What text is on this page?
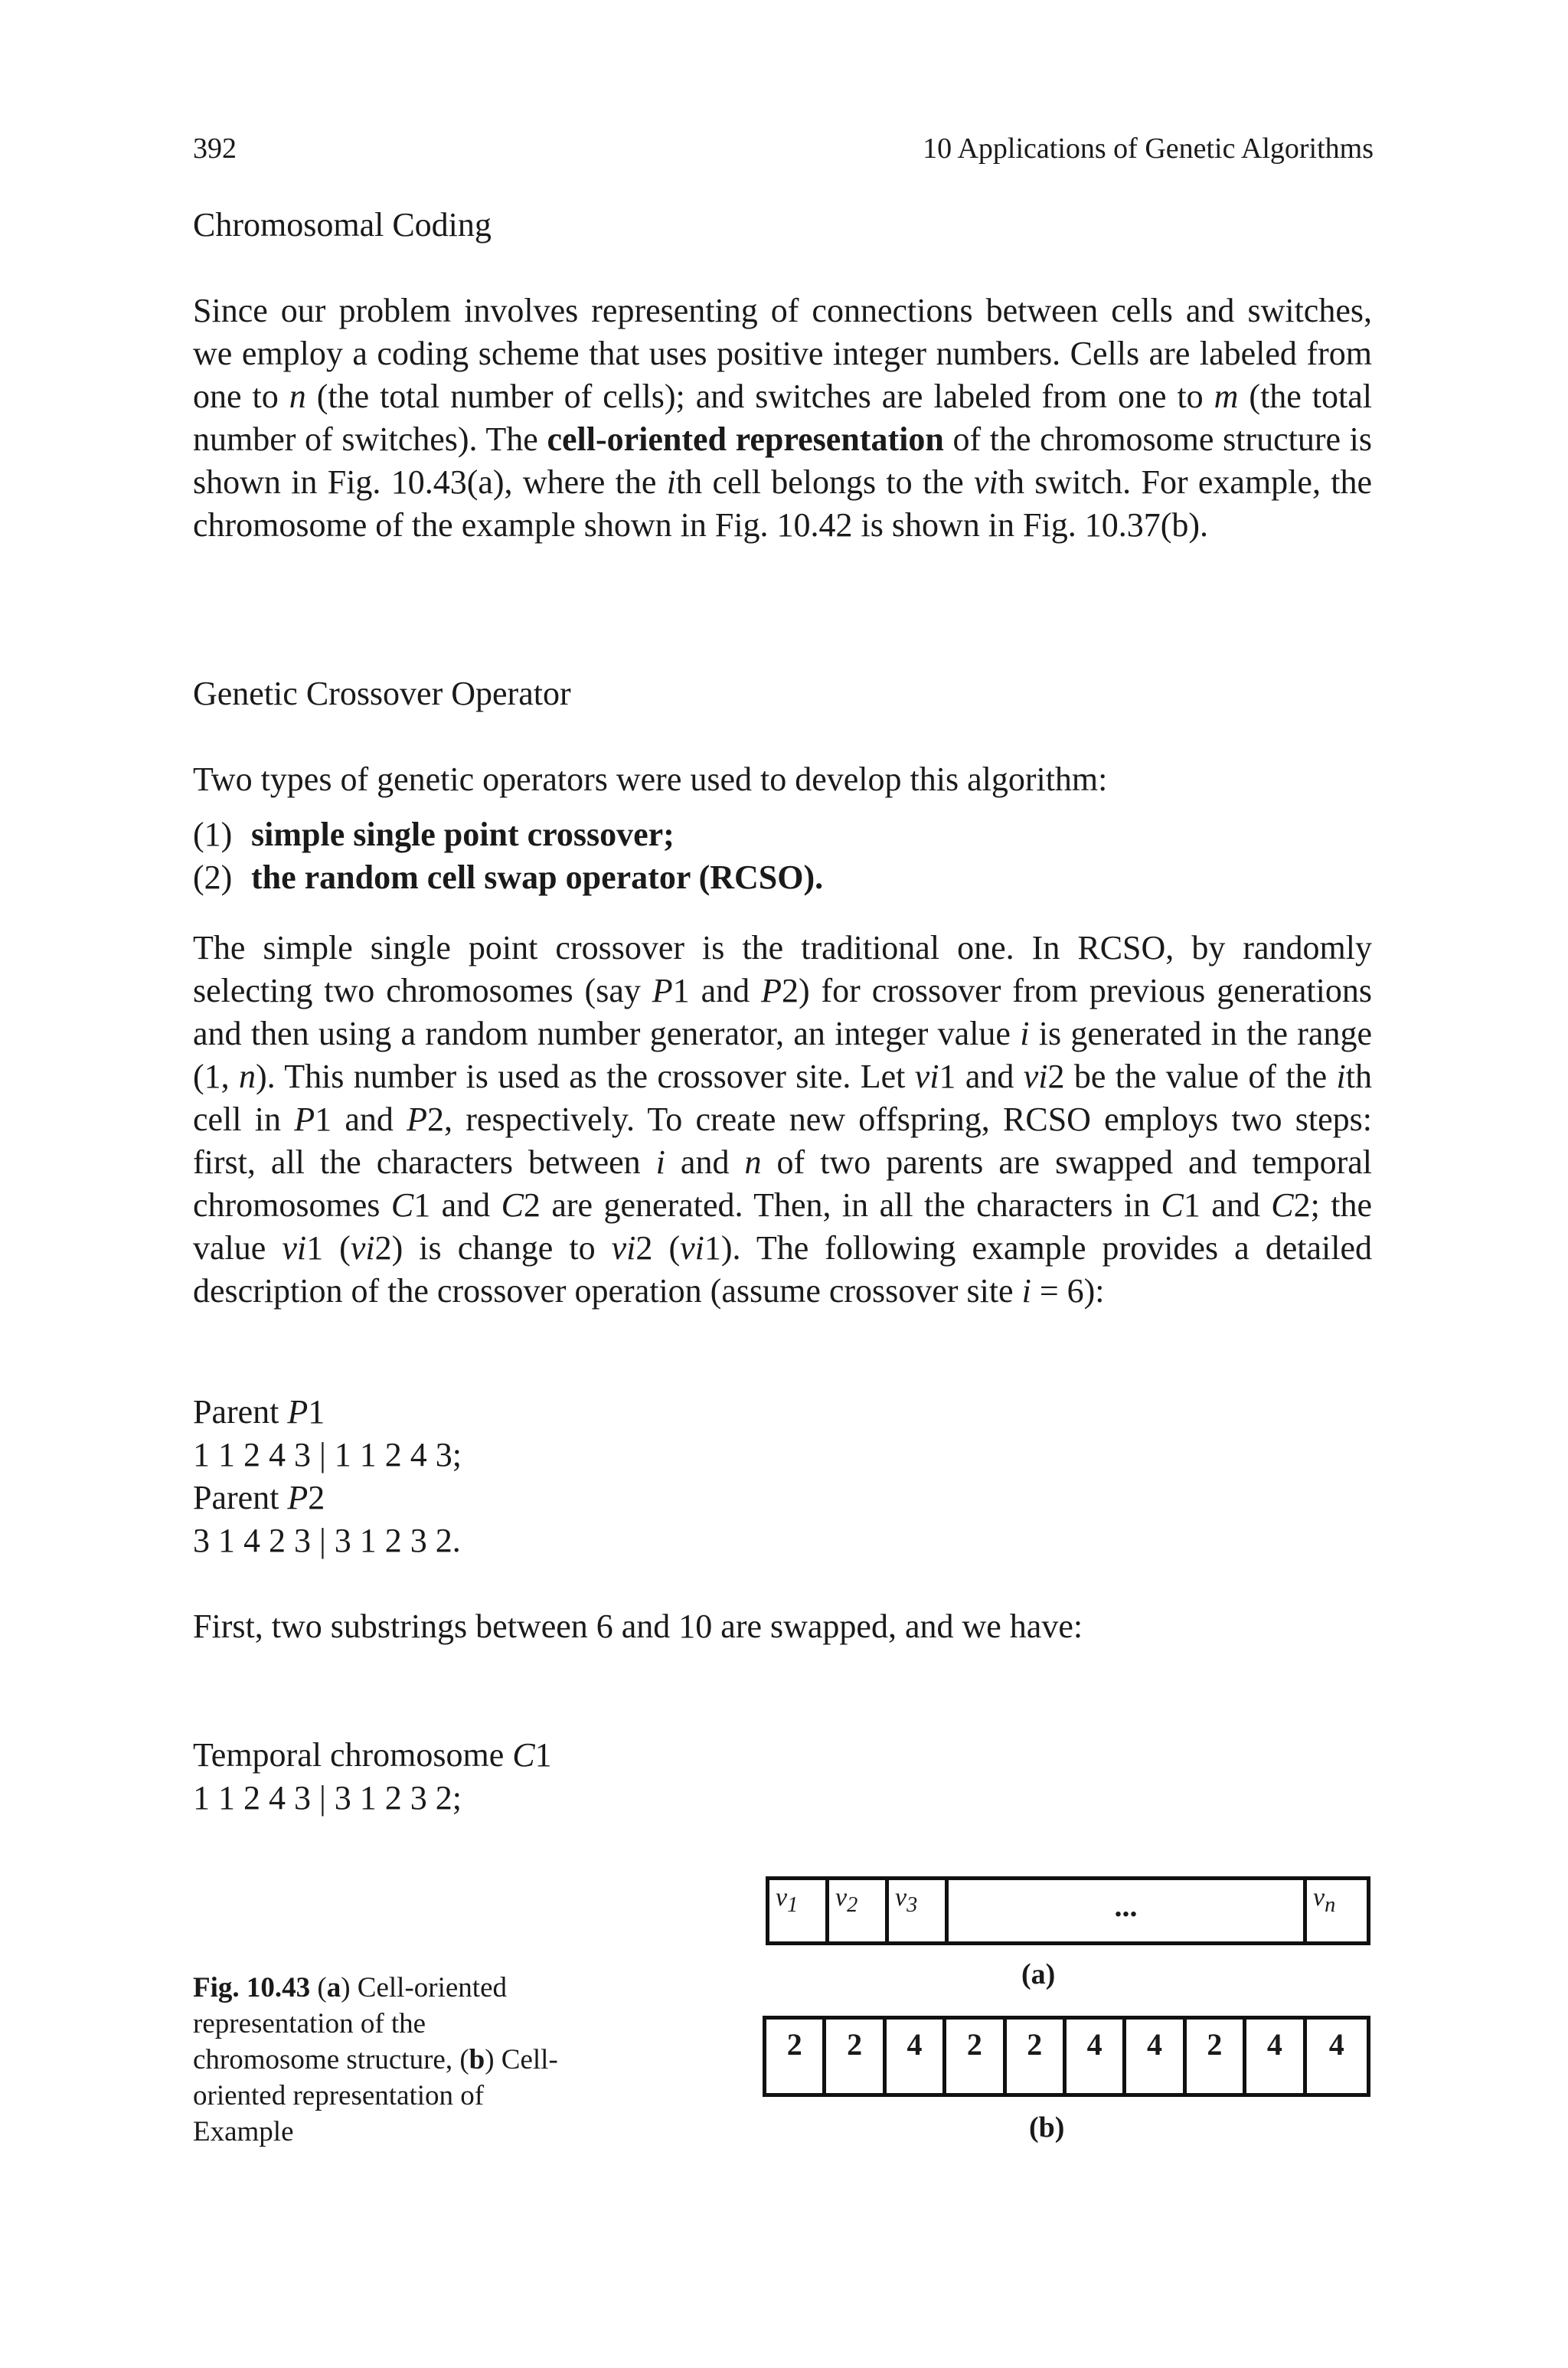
392	10 Applications of Genetic Algorithms
Chromosomal Coding
Since our problem involves representing of connections between cells and switches, we employ a coding scheme that uses positive integer numbers. Cells are labeled from one to n (the total number of cells); and switches are labeled from one to m (the total number of switches). The cell-oriented representation of the chromosome structure is shown in Fig. 10.43(a), where the ith cell belongs to the vith switch. For example, the chromosome of the example shown in Fig. 10.42 is shown in Fig. 10.37(b).
Genetic Crossover Operator
Two types of genetic operators were used to develop this algorithm:
(1) simple single point crossover;
(2) the random cell swap operator (RCSO).
The simple single point crossover is the traditional one. In RCSO, by randomly selecting two chromosomes (say P1 and P2) for crossover from previous generations and then using a random number generator, an integer value i is generated in the range (1, n). This number is used as the crossover site. Let vi1 and vi2 be the value of the ith cell in P1 and P2, respectively. To create new offspring, RCSO employs two steps: first, all the characters between i and n of two parents are swapped and temporal chromosomes C1 and C2 are generated. Then, in all the characters in C1 and C2; the value vi1 (vi2) is change to vi2 (vi1). The following example provides a detailed description of the crossover operation (assume crossover site i = 6):
Parent P1
1 1 2 4 3 | 1 1 2 4 3;
Parent P2
3 1 4 2 3 | 3 1 2 3 2.
First, two substrings between 6 and 10 are swapped, and we have:
Temporal chromosome C1
1 1 2 4 3 | 3 1 2 3 2;
Fig. 10.43 (a) Cell-oriented representation of the chromosome structure, (b) Cell-oriented representation of Example
$v_1$	$v_2$	$v_3$	...	$v_n$
(a)
2	2	4	2	2	4	4	2	4	4
(b)
